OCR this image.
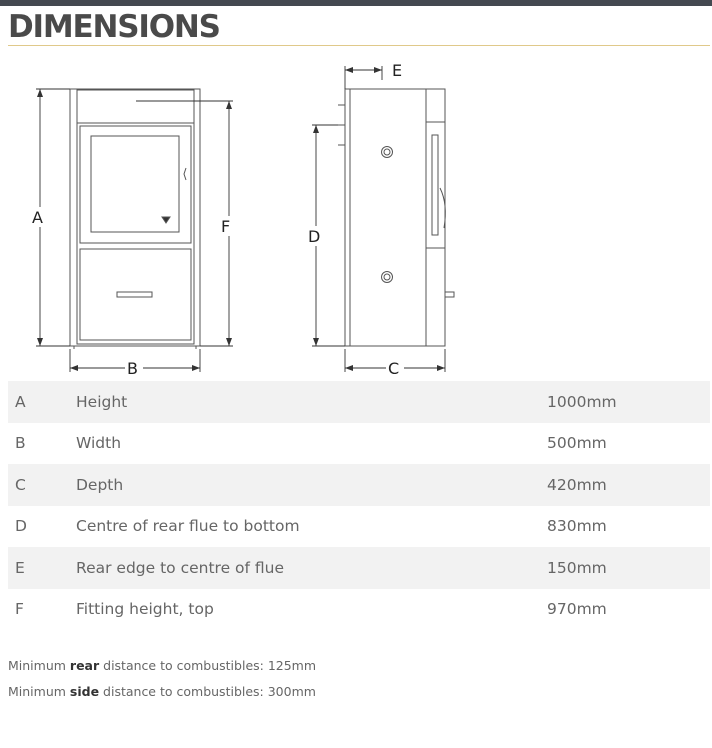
DIMENSIONS
A
B	C
D
E
F
A	Height	1000mm
B	Width	500mm
C	Depth	420mm
D	Centre of rear flue to bottom	830mm
E	Rear edge to centre of flue	150mm
F	Fitting height, top	970mm
Minimum rear distance to combustibles: 125mm
Minimum side distance to combustibles: 300mm
